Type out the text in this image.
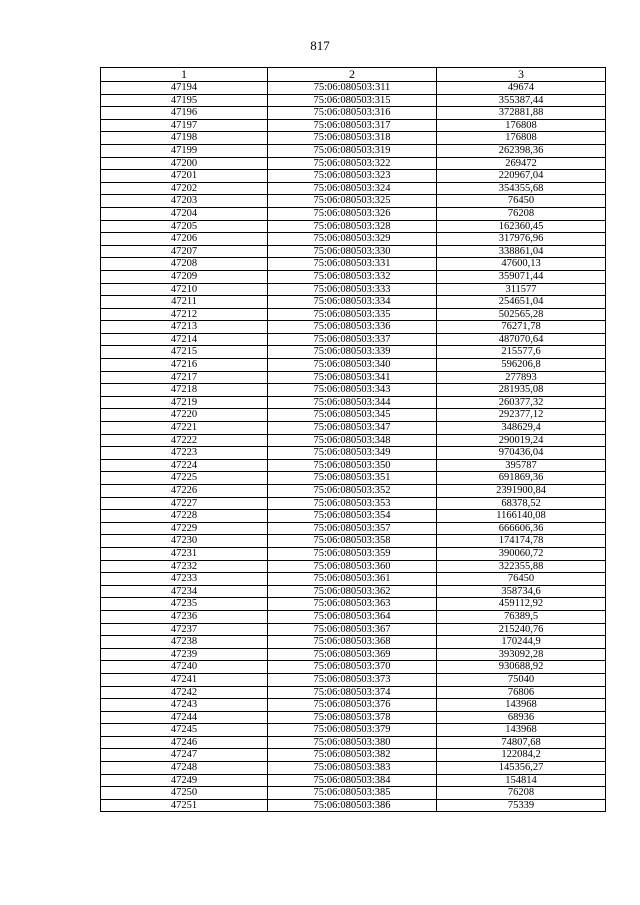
817
1	2	3
47194	75:06:080503:311	49674
47195	75:06:080503:315	355387,44
47196	75:06:080503:316	372881,88
47197	75:06:080503:317	176808
47198	75:06:080503:318	176808
47199	75:06:080503:319	262398,36
47200	75:06:080503:322	269472
47201	75:06:080503:323	220967,04
47202	75:06:080503:324	354355,68
47203	75:06:080503:325	76450
47204	75:06:080503:326	76208
47205	75:06:080503:328	162360,45
47206	75:06:080503:329	317976,96
47207	75:06:080503:330	338861,04
47208	75:06:080503:331	47600,13
47209	75:06:080503:332	359071,44
47210	75:06:080503:333	311577
47211	75:06:080503:334	254651,04
47212	75:06:080503:335	502565,28
47213	75:06:080503:336	76271,78
47214	75:06:080503:337	487070,64
47215	75:06:080503:339	215577,6
47216	75:06:080503:340	596206,8
47217	75:06:080503:341	277893
47218	75:06:080503:343	281935,08
47219	75:06:080503:344	260377,32
47220	75:06:080503:345	292377,12
47221	75:06:080503:347	348629,4
47222	75:06:080503:348	290019,24
47223	75:06:080503:349	970436,04
47224	75:06:080503:350	395787
47225	75:06:080503:351	691869,36
47226	75:06:080503:352	2391900,84
47227	75:06:080503:353	68378,52
47228	75:06:080503:354	1166140,08
47229	75:06:080503:357	666606,36
47230	75:06:080503:358	174174,78
47231	75:06:080503:359	390060,72
47232	75:06:080503:360	322355,88
47233	75:06:080503:361	76450
47234	75:06:080503:362	358734,6
47235	75:06:080503:363	459112,92
47236	75:06:080503:364	76389,5
47237	75:06:080503:367	215240,76
47238	75:06:080503:368	170244,9
47239	75:06:080503:369	393092,28
47240	75:06:080503:370	930688,92
47241	75:06:080503:373	75040
47242	75:06:080503:374	76806
47243	75:06:080503:376	143968
47244	75:06:080503:378	68936
47245	75:06:080503:379	143968
47246	75:06:080503:380	74807,68
47247	75:06:080503:382	122084,2
47248	75:06:080503:383	145356,27
47249	75:06:080503:384	154814
47250	75:06:080503:385	76208
47251	75:06:080503:386	75339
